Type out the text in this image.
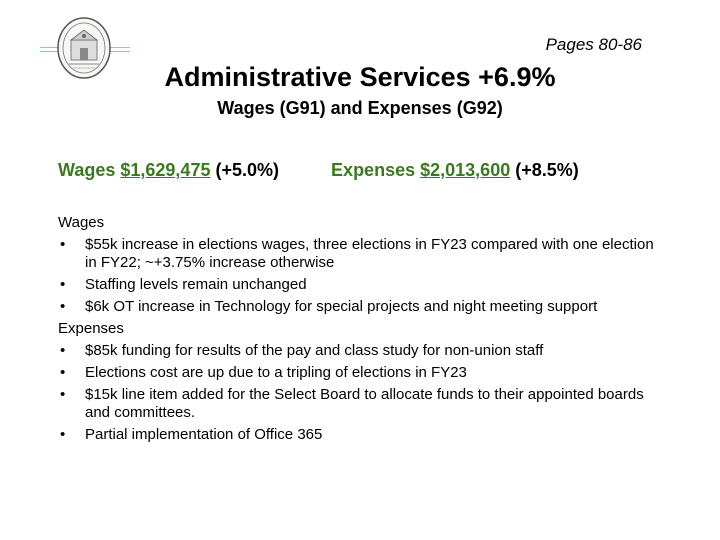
Pages 80-86
Administrative Services +6.9%
Wages (G91) and Expenses (G92)
Wages $1,629,475 (+5.0%)	Expenses $2,013,600 (+8.5%)
Wages
• $55k increase in elections wages, three elections in FY23 compared with one election in FY22; ~+3.75% increase otherwise
• Staffing levels remain unchanged
• $6k OT increase in Technology for special projects and night meeting support
Expenses
• $85k funding for results of the pay and class study for non-union staff
• Elections cost are up due to a tripling of elections in FY23
• $15k line item added for the Select Board to allocate funds to their appointed boards and committees.
• Partial implementation of Office 365
